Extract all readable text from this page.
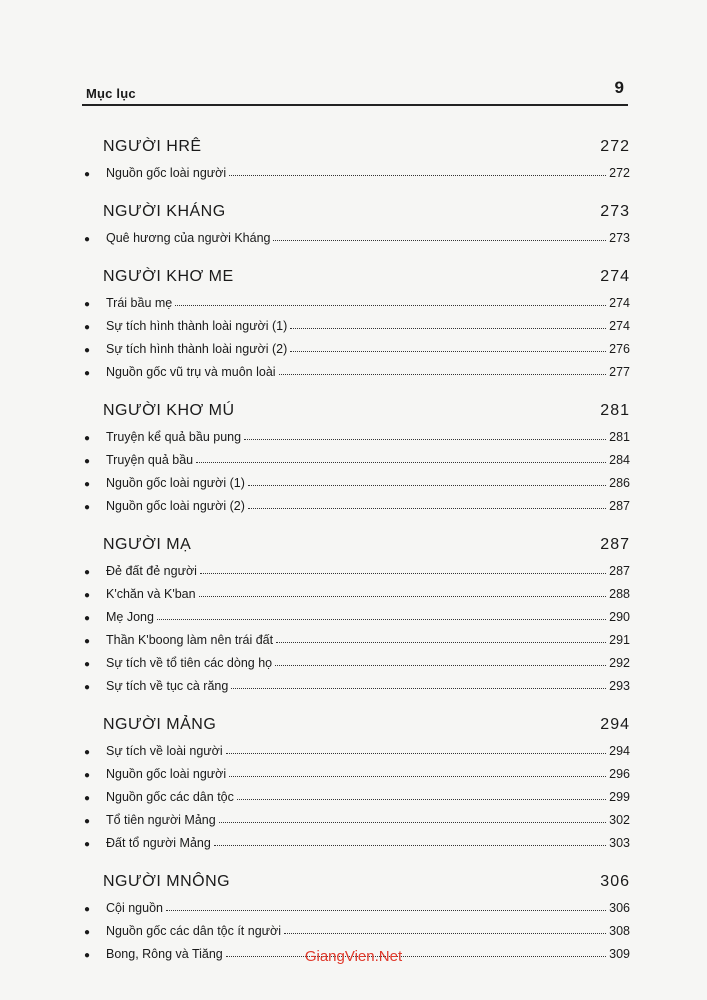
Mục lục	9
NGƯỜI HRÊ	272
● Nguồn gốc loài người	272
NGƯỜI KHÁNG	273
● Quê hương của người Kháng	273
NGƯỜI KHƠ ME	274
● Trái bầu mẹ	274
● Sự tích hình thành loài người (1)	274
● Sự tích hình thành loài người (2)	276
● Nguồn gốc vũ trụ và muôn loài	277
NGƯỜI KHƠ MÚ	281
● Truyện kể quả bầu pung	281
● Truyện quả bầu	284
● Nguồn gốc loài người (1)	286
● Nguồn gốc loài người (2)	287
NGƯỜI MẠ	287
● Đẻ đất đẻ người	287
● K'chăn và K'ban	288
● Mẹ Jong	290
● Thần K'boong làm nên trái đất	291
● Sự tích về tổ tiên các dòng họ	292
● Sự tích về tục cà răng	293
NGƯỜI MẢNG	294
● Sự tích về loài người	294
● Nguồn gốc loài người	296
● Nguồn gốc các dân tộc	299
● Tổ tiên người Mảng	302
● Đất tổ người Mảng	303
NGƯỜI MNÔNG	306
● Cội nguồn	306
● Nguồn gốc các dân tộc ít người	308
● Bong, Rông và Tiăng	309
GiangVien.Net
